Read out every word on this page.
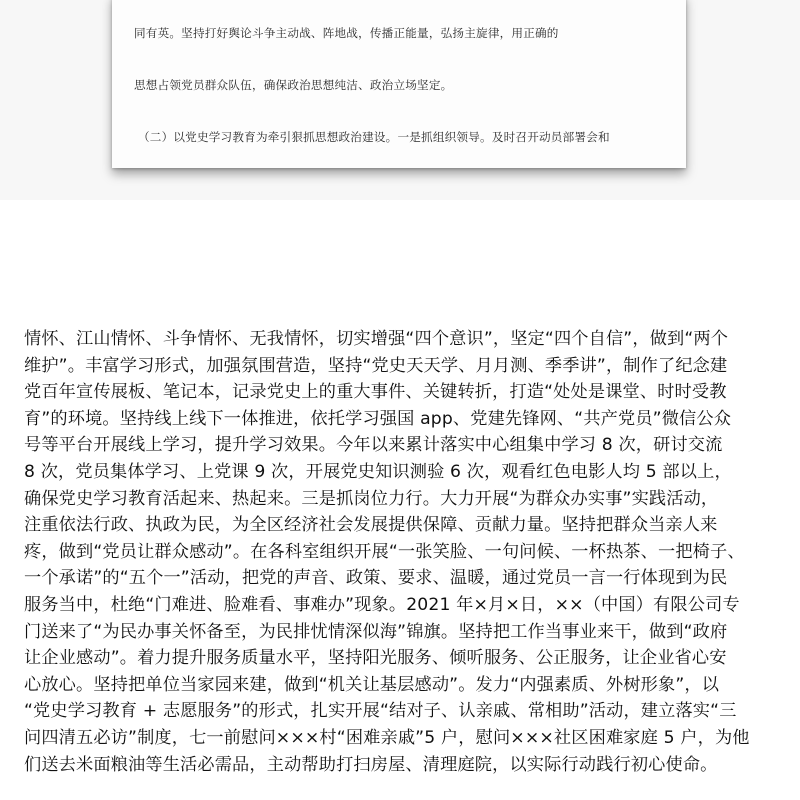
同有英。坚持打好舆论斗争主动战、阵地战，传播正能量，弘扬主旋律，用正确的

思想占领党员群众队伍，确保政治思想纯洁、政治立场坚定。

（二）以党史学习教育为牵引狠抓思想政治建设。一是抓组织领导。及时召开动员部署会和

情怀、江山情怀、斗争情怀、无我情怀，切实增强“四个意识”，坚定“四个自信”，做到“两个
维护”。丰富学习形式，加强氛围营造，坚持“党史天天学、月月测、季季讲”，制作了纪念建
党百年宣传展板、笔记本，记录党史上的重大事件、关键转折，打造“处处是课堂、时时受教
育”的环境。坚持线上线下一体推进，依托学习强国 app、党建先锋网、“共产党员”微信公众
号等平台开展线上学习，提升学习效果。今年以来累计落实中心组集中学习 8 次，研讨交流
8 次，党员集体学习、上党课 9 次，开展党史知识测验 6 次，观看红色电影人均 5 部以上，
确保党史学习教育活起来、热起来。三是抓岗位力行。大力开展“为群众办实事”实践活动，
注重依法行政、执政为民，为全区经济社会发展提供保障、贡献力量。坚持把群众当亲人来
疼，做到“党员让群众感动”。在各科室组织开展“一张笑脸、一句问候、一杯热茶、一把椅子、
一个承诺”的“五个一”活动，把党的声音、政策、要求、温暖，通过党员一言一行体现到为民
服务当中，杜绝“门难进、脸难看、事难办”现象。2021 年×月×日，××（中国）有限公司专
门送来了“为民办事关怀备至，为民排忧情深似海”锦旗。坚持把工作当事业来干，做到“政府
让企业感动”。着力提升服务质量水平，坚持阳光服务、倾听服务、公正服务，让企业省心安
心放心。坚持把单位当家园来建，做到“机关让基层感动”。发力“内强素质、外树形象”，以
“党史学习教育 + 志愿服务”的形式，扎实开展“结对子、认亲戚、常相助”活动，建立落实“三
问四清五必访”制度，七一前慰问×××村“困难亲戚”5 户，慰问×××社区困难家庭 5 户，为他
们送去米面粮油等生活必需品，主动帮助打扫房屋、清理庭院，以实际行动践行初心使命。
